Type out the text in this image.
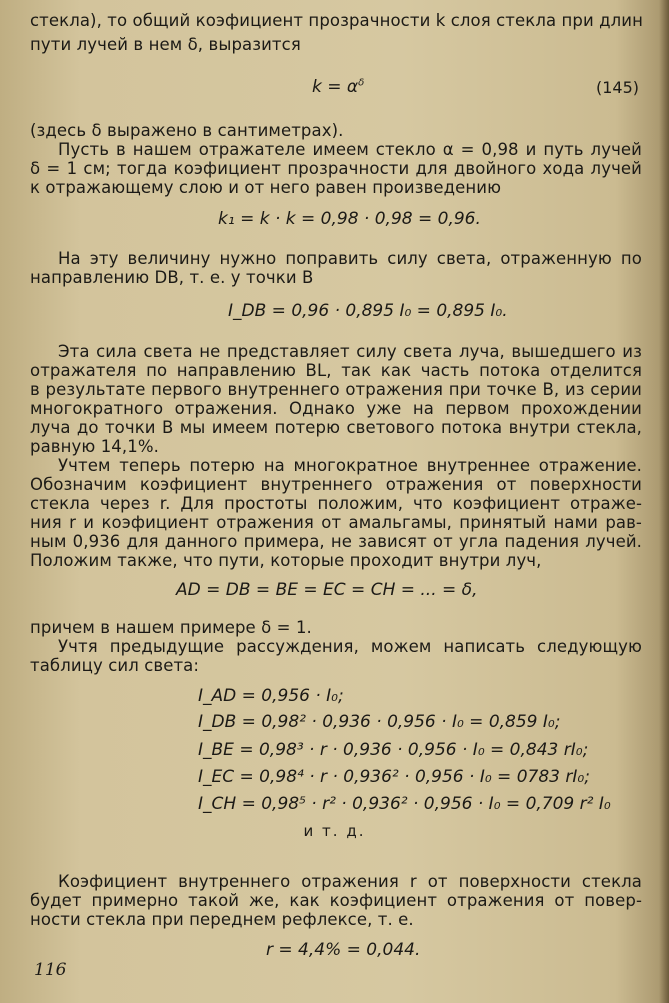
стекла), то общий коэфициент прозрачности k слоя стекла при длин
пути лучей в нем δ, выразится
$k = \alpha^\delta$	(145)
(здесь δ выражено в сантиметрах).
Пусть в нашем отражателе имеем стекло α = 0,98 и путь лучей
δ = 1 см; тогда коэфициент прозрачности для двойного хода лучей
к отражающему слою и от него равен произведению
k₁ = k · k = 0,98 · 0,98 = 0,96.
На эту величину нужно поправить силу света, отраженную по
направлению DB, т. е. у точки B
I_DB = 0,96 · 0,895 I₀ = 0,895 I₀.
Эта сила света не представляет силу света луча, вышедшего из
отражателя по направлению BL, так как часть потока отделится
в результате первого внутреннего отражения при точке B, из серии
многократного отражения. Однако уже на первом прохождении
луча до точки B мы имеем потерю светового потока внутри стекла,
равную 14,1%.
Учтем теперь потерю на многократное внутреннее отражение.
Обозначим коэфициент внутреннего отражения от поверхности
стекла через r. Для простоты положим, что коэфициент отраже-
ния r и коэфициент отражения от амальгамы, принятый нами рав-
ным 0,936 для данного примера, не зависят от угла падения лучей.
Положим также, что пути, которые проходит внутри луч,
AD = DB = BE = EC = CH = ... = δ,
причем в нашем примере δ = 1.
Учтя предыдущие рассуждения, можем написать следующую
таблицу сил света:
I_AD = 0,956 · I₀;
I_DB = 0,98² · 0,936 · 0,956 · I₀ = 0,859 I₀;
I_BE = 0,98³ · r · 0,936 · 0,956 · I₀ = 0,843 rI₀;
I_EC = 0,98⁴ · r · 0,936² · 0,956 · I₀ = 0783 rI₀;
I_CH = 0,98⁵ · r² · 0,936² · 0,956 · I₀ = 0,709 r² I₀
и т. д.
Коэфициент внутреннего отражения r от поверхности стекла
будет примерно такой же, как коэфициент отражения от повер-
ности стекла при переднем рефлексе, т. е.
r = 4,4% = 0,044.
116
